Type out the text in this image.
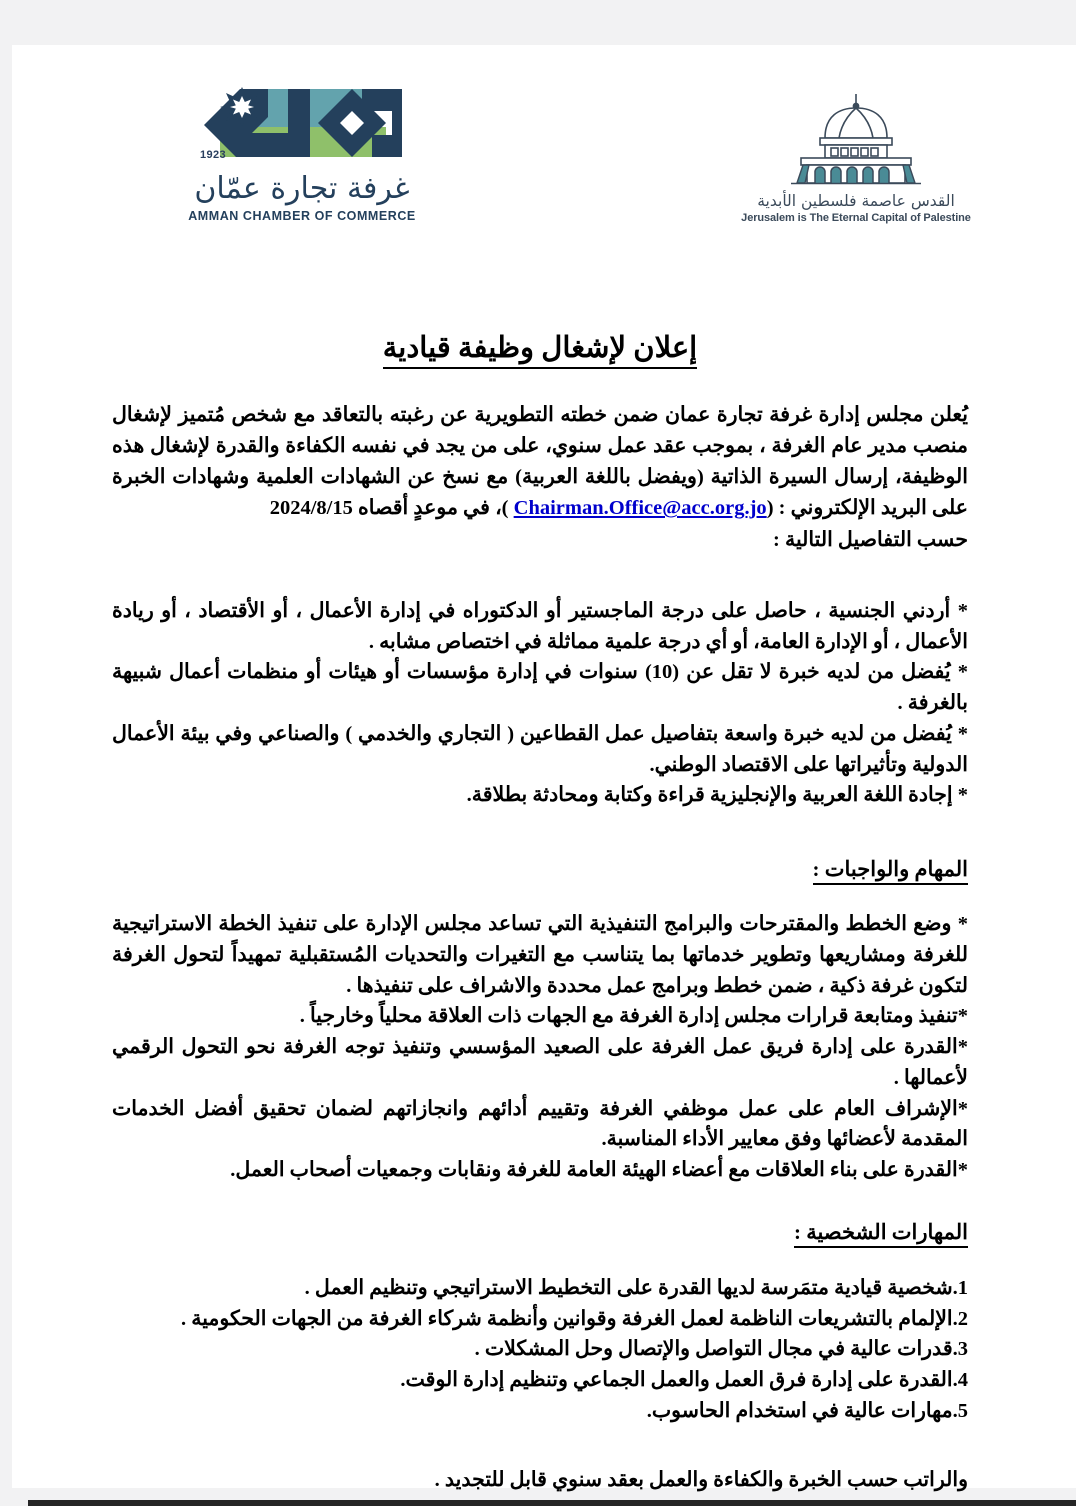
1923
غرفة تجارة عمّان
AMMAN CHAMBER OF COMMERCE
القدس عاصمة فلسطين الأبدية
Jerusalem is The Eternal Capital of Palestine
إعلان لإشغال وظيفة قيادية

يُعلن مجلس إدارة غرفة تجارة عمان ضمن خطته التطويرية عن رغبته بالتعاقد مع شخص مُتميز لإشغال منصب مدير عام الغرفة ، بموجب عقد عمل سنوي، على من يجد في نفسه الكفاءة والقدرة لإشغال هذه الوظيفة، إرسال السيرة الذاتية (ويفضل باللغة العربية) مع نسخ عن الشهادات العلمية وشهادات الخبرة على البريد الإلكتروني : (Chairman.Office@acc.org.jo )، في موعدٍ أقصاه 2024/8/15

حسب التفاصيل التالية :

* أردني الجنسية ، حاصل على درجة الماجستير أو الدكتوراه في إدارة الأعمال ، أو الأقتصاد ، أو ريادة الأعمال ، أو الإدارة العامة، أو أي درجة علمية مماثلة في اختصاص مشابه .
* يُفضل من لديه خبرة لا تقل عن (10) سنوات في إدارة مؤسسات أو هيئات أو منظمات أعمال شبيهة بالغرفة .
* يُفضل من لديه خبرة واسعة بتفاصيل عمل القطاعين ( التجاري والخدمي ) والصناعي وفي بيئة الأعمال الدولية وتأثيراتها على الاقتصاد الوطني.
* إجادة اللغة العربية والإنجليزية قراءة وكتابة ومحادثة بطلاقة.
المهام والواجبات :
* وضع الخطط والمقترحات والبرامج التنفيذية التي تساعد مجلس الإدارة على تنفيذ الخطة الاستراتيجية للغرفة ومشاريعها وتطوير خدماتها بما يتناسب مع التغيرات والتحديات المُستقبلية تمهيداً لتحول الغرفة لتكون غرفة ذكية ، ضمن خطط وبرامج عمل محددة والاشراف على تنفيذها .
*تنفيذ ومتابعة قرارات مجلس إدارة الغرفة مع الجهات ذات العلاقة محلياً وخارجياً .
*القدرة على إدارة فريق عمل الغرفة على الصعيد المؤسسي وتنفيذ توجه الغرفة نحو التحول الرقمي لأعمالها .
*الإشراف العام على عمل موظفي الغرفة وتقييم أدائهم وانجازاتهم لضمان تحقيق أفضل الخدمات المقدمة لأعضائها وفق معايير الأداء المناسبة.
*القدرة على بناء العلاقات مع أعضاء الهيئة العامة للغرفة ونقابات وجمعيات أصحاب العمل.
المهارات الشخصية :
1.شخصية قيادية متمَرسة لديها القدرة على التخطيط الاستراتيجي وتنظيم العمل .
2.الإلمام بالتشريعات الناظمة لعمل الغرفة وقوانين وأنظمة شركاء الغرفة من الجهات الحكومية .
3.قدرات عالية في مجال التواصل والإتصال وحل المشكلات .
4.القدرة على إدارة فرق العمل والعمل الجماعي وتنظيم إدارة الوقت.
5.مهارات عالية في استخدام الحاسوب.

والراتب حسب الخبرة والكفاءة والعمل بعقد سنوي قابل للتجديد .
